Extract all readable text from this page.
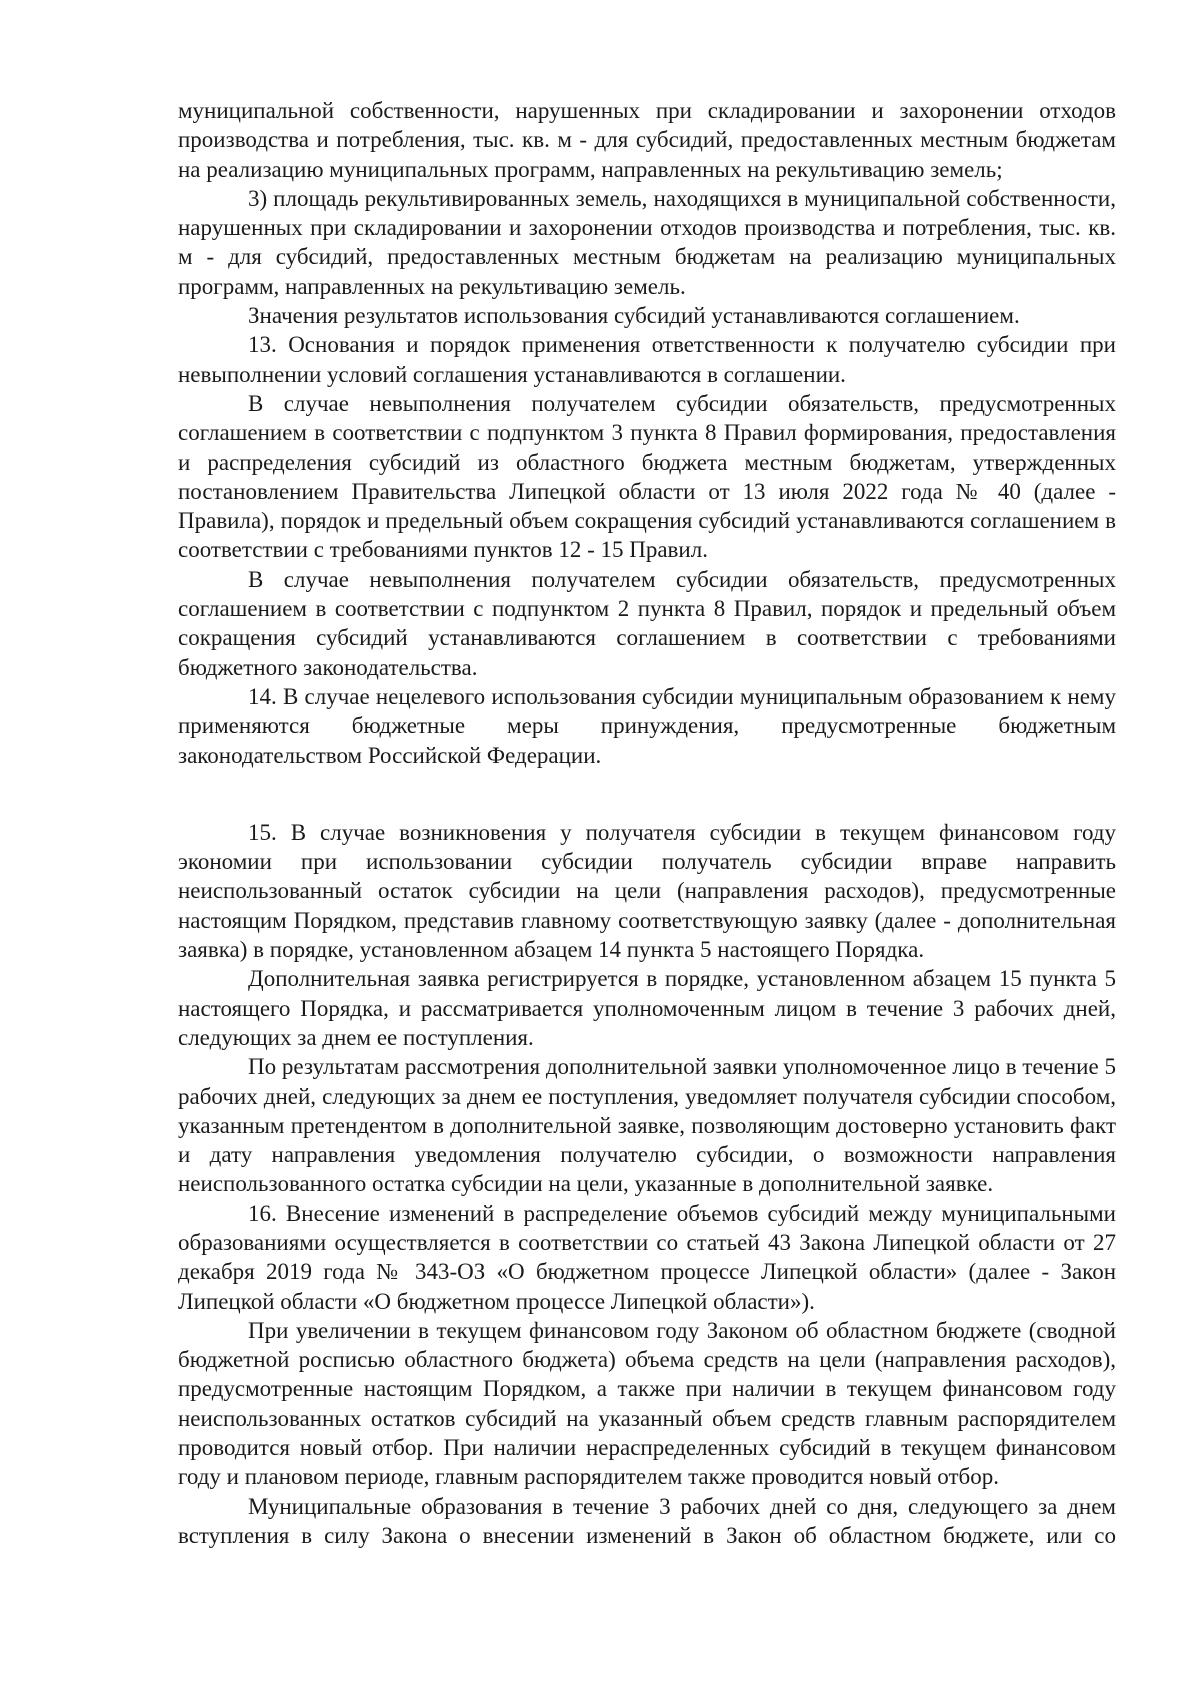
муниципальной собственности, нарушенных при складировании и захоронении отходов производства и потребления, тыс. кв. м - для субсидий, предоставленных местным бюджетам на реализацию муниципальных программ, направленных на рекультивацию земель;

3) площадь рекультивированных земель, находящихся в муниципальной собственности, нарушенных при складировании и захоронении отходов производства и потребления, тыс. кв. м - для субсидий, предоставленных местным бюджетам на реализацию муниципальных программ, направленных на рекультивацию земель.

Значения результатов использования субсидий устанавливаются соглашением.

13. Основания и порядок применения ответственности к получателю субсидии при невыполнении условий соглашения устанавливаются в соглашении.

В случае невыполнения получателем субсидии обязательств, предусмотренных соглашением в соответствии с подпунктом 3 пункта 8 Правил формирования, предоставления и распределения субсидий из областного бюджета местным бюджетам, утвержденных постановлением Правительства Липецкой области от 13 июля 2022 года № 40 (далее - Правила), порядок и предельный объем сокращения субсидий устанавливаются соглашением в соответствии с требованиями пунктов 12 - 15 Правил.

В случае невыполнения получателем субсидии обязательств, предусмотренных соглашением в соответствии с подпунктом 2 пункта 8 Правил, порядок и предельный объем сокращения субсидий устанавливаются соглашением в соответствии с требованиями бюджетного законодательства.

14. В случае нецелевого использования субсидии муниципальным образованием к нему применяются бюджетные меры принуждения, предусмотренные бюджетным законодательством Российской Федерации.

15. В случае возникновения у получателя субсидии в текущем финансовом году экономии при использовании субсидии получатель субсидии вправе направить неиспользованный остаток субсидии на цели (направления расходов), предусмотренные настоящим Порядком, представив главному соответствующую заявку (далее - дополнительная заявка) в порядке, установленном абзацем 14 пункта 5 настоящего Порядка.

Дополнительная заявка регистрируется в порядке, установленном абзацем 15 пункта 5 настоящего Порядка, и рассматривается уполномоченным лицом в течение 3 рабочих дней, следующих за днем ее поступления.

По результатам рассмотрения дополнительной заявки уполномоченное лицо в течение 5 рабочих дней, следующих за днем ее поступления, уведомляет получателя субсидии способом, указанным претендентом в дополнительной заявке, позволяющим достоверно установить факт и дату направления уведомления получателю субсидии, о возможности направления неиспользованного остатка субсидии на цели, указанные в дополнительной заявке.

16. Внесение изменений в распределение объемов субсидий между муниципальными образованиями осуществляется в соответствии со статьей 43 Закона Липецкой области от 27 декабря 2019 года № 343-ОЗ «О бюджетном процессе Липецкой области» (далее - Закон Липецкой области «О бюджетном процессе Липецкой области»).

При увеличении в текущем финансовом году Законом об областном бюджете (сводной бюджетной росписью областного бюджета) объема средств на цели (направления расходов), предусмотренные настоящим Порядком, а также при наличии в текущем финансовом году неиспользованных остатков субсидий на указанный объем средств главным распорядителем проводится новый отбор. При наличии нераспределенных субсидий в текущем финансовом году и плановом периоде, главным распорядителем также проводится новый отбор.

Муниципальные образования в течение 3 рабочих дней со дня, следующего за днем вступления в силу Закона о внесении изменений в Закон об областном бюджете, или со
